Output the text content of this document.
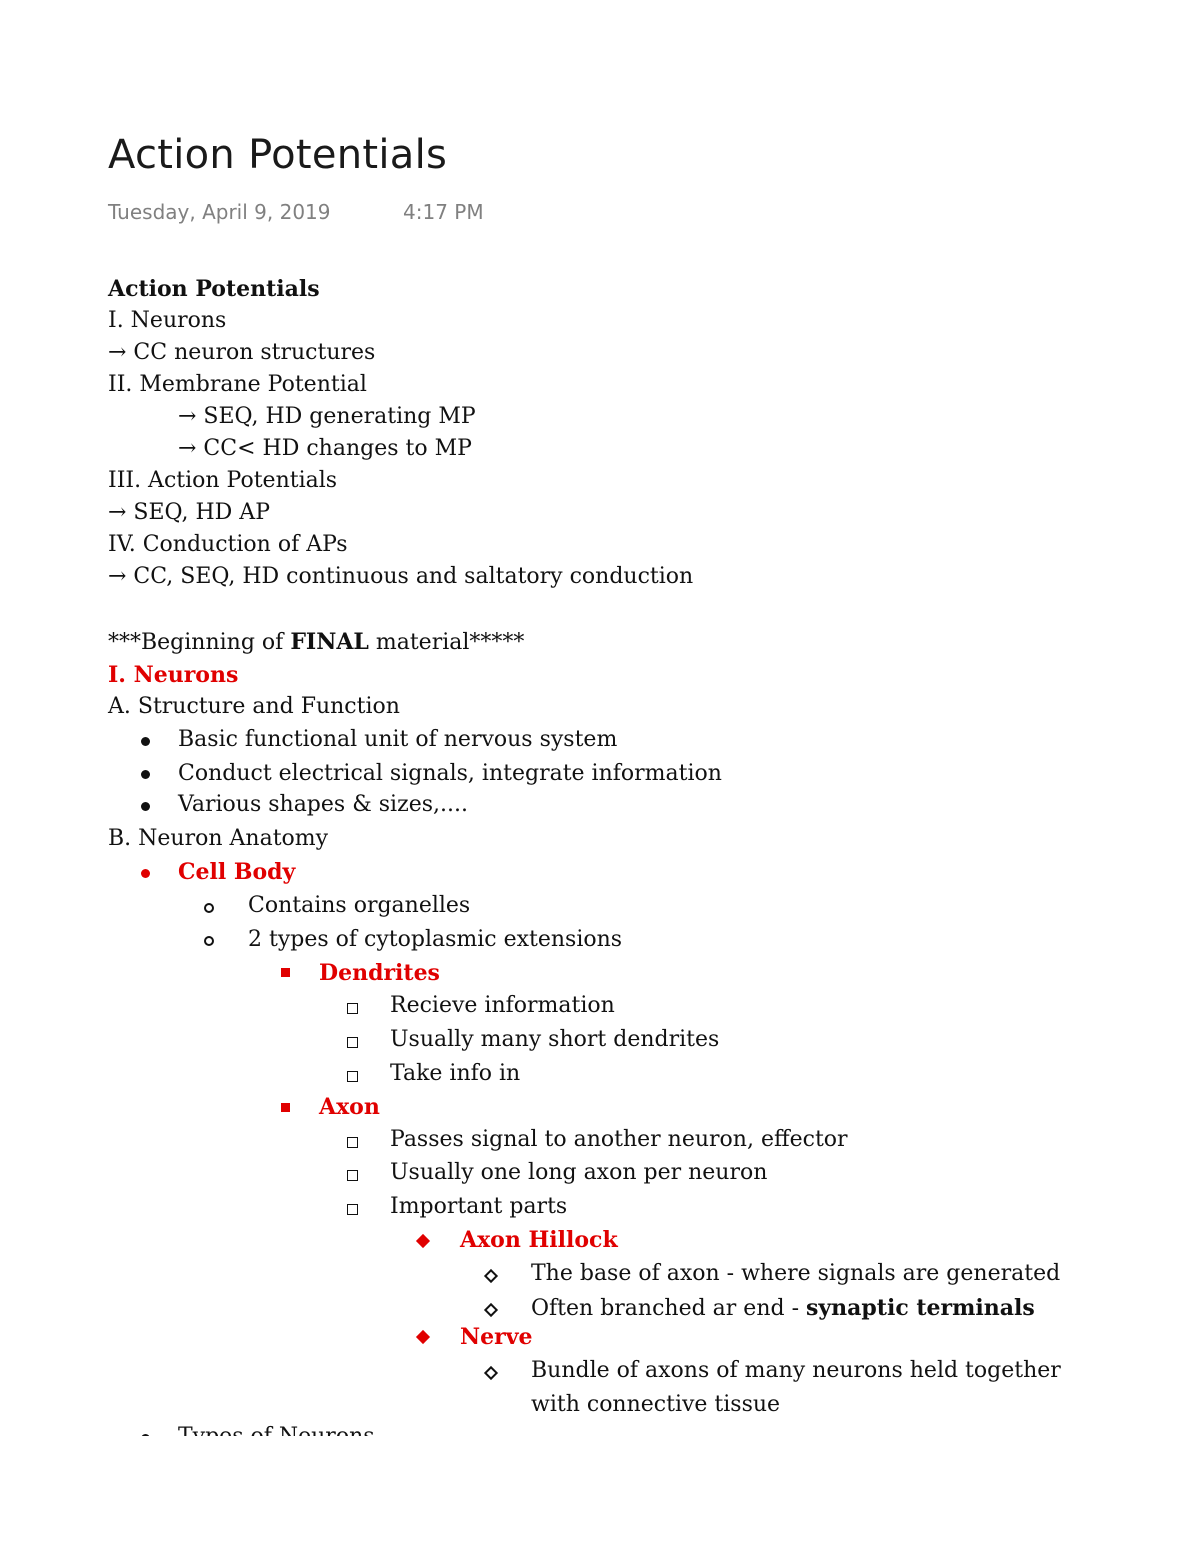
Action Potentials
Tuesday, April 9, 2019	4:17 PM
Action Potentials
I. Neurons
→ CC neuron structures
II. Membrane Potential
→ SEQ, HD generating MP
→ CC< HD changes to MP
III. Action Potentials
→ SEQ, HD AP
IV. Conduction of APs
→ CC, SEQ, HD continuous and saltatory conduction
***Beginning of FINAL material*****
I. Neurons
A. Structure and Function
Basic functional unit of nervous system
Conduct electrical signals, integrate information
Various shapes & sizes,....
B. Neuron Anatomy
Cell Body
Contains organelles
2 types of cytoplasmic extensions
Dendrites
Recieve information
Usually many short dendrites
Take info in
Axon
Passes signal to another neuron, effector
Usually one long axon per neuron
Important parts
Axon Hillock
The base of axon - where signals are generated
Often branched ar end - synaptic terminals
Nerve
Bundle of axons of many neurons held together
with connective tissue
